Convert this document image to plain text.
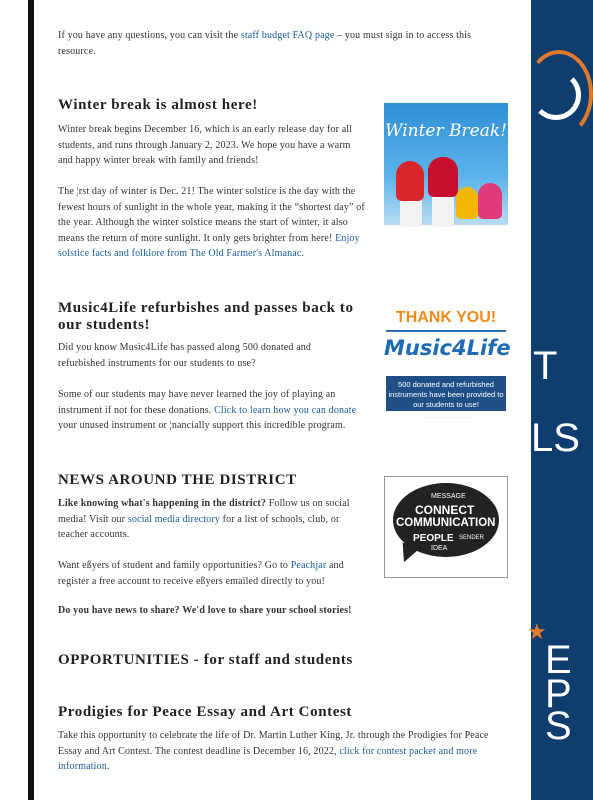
If you have any questions, you can visit the staff budget FAQ page – you must sign in to access this resource.

Winter break is almost here!

Winter break begins December 16, which is an early release day for all students, and runs through January 2, 2023. We hope you have a warm and happy winter break with family and friends!

The ¦rst day of winter is Dec. 21! The winter solstice is the day with the fewest hours of sunlight in the whole year, making it the “shortest day” of the year. Although the winter solstice means the start of winter, it also means the return of more sunlight. It only gets brighter from here! Enjoy solstice facts and folklore from The Old Farmer's Almanac.

Winter Break!
Music4Life refurbishes and passes back to our students!

Did you know Music4Life has passed along 500 donated and refurbished instruments for our students to use?

Some of our students may have never learned the joy of playing an instrument if not for these donations. Click to learn how you can donate your unused instrument or ¦nancially support this incredible program.

THANK YOU!
Music4Life
500 donated and refurbished instruments have been provided to our students to use!
. . . . . . . . . . . . . . . . . . . . . .
NEWS AROUND THE DISTRICT

Like knowing what's happening in the district? Follow us on social media! Visit our social media directory for a list of schools, club, or teacher accounts.

Want eßyers of student and family opportunities? Go to Peachjar and register a free account to receive eßyers emailed directly to you!

Do you have news to share? We'd love to share your school stories!

MESSAGE
CONNECT
COMMUNICATION
PEOPLE
IDEA
SENDER
OPPORTUNITIES - for staff and students
Prodigies for Peace Essay and Art Contest

Take this opportunity to celebrate the life of Dr. Martin Luther King, Jr. through the Prodigies for Peace Essay and Art Contest. The contest deadline is December 16, 2022, click for contest packet and more information.

T
LS
★
E
P
S
